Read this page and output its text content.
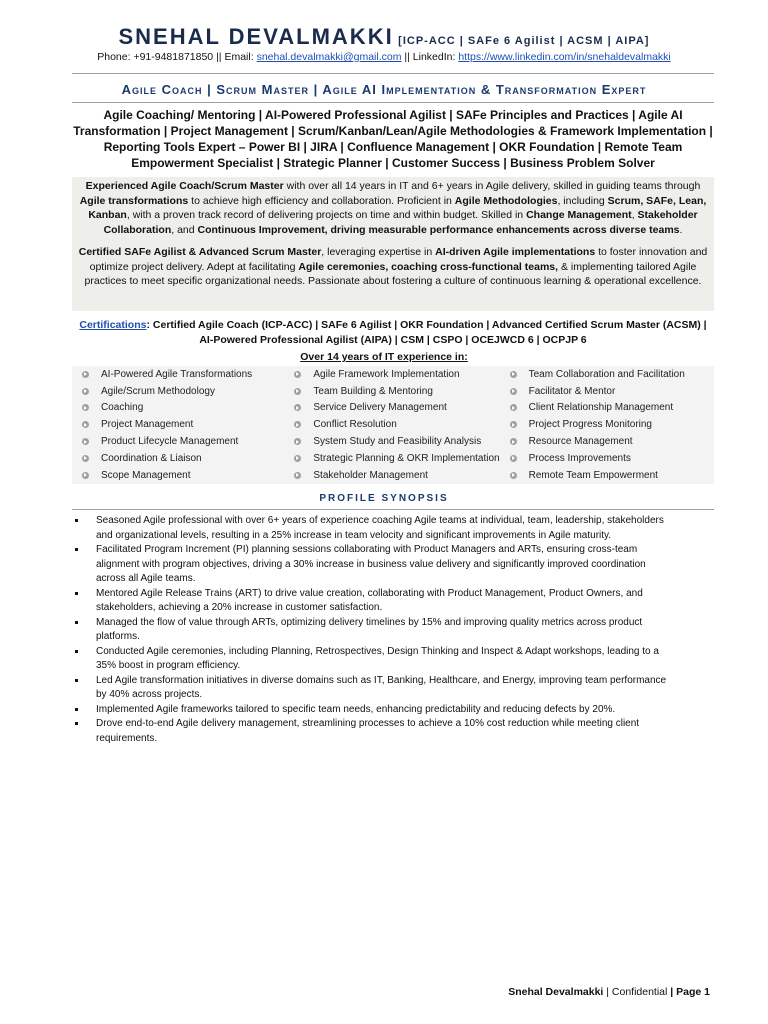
SNEHAL DEVALMAKKI [ICP-ACC | SAFe 6 Agilist | ACSM | AIPA]
Phone: +91-9481871850 || Email: snehal.devalmakki@gmail.com || LinkedIn: https://www.linkedin.com/in/snehaldevalmakki
Agile Coach | Scrum Master | Agile AI Implementation & Transformation Expert
Agile Coaching/ Mentoring | AI-Powered Professional Agilist | SAFe Principles and Practices | Agile AI Transformation | Project Management | Scrum/Kanban/Lean/Agile Methodologies & Framework Implementation | Reporting Tools Expert – Power BI | JIRA | Confluence Management | OKR Foundation | Remote Team Empowerment Specialist | Strategic Planner | Customer Success | Business Problem Solver

Experienced Agile Coach/Scrum Master with over all 14 years in IT and 6+ years in Agile delivery, skilled in guiding teams through Agile transformations to achieve high efficiency and collaboration. Proficient in Agile Methodologies, including Scrum, SAFe, Lean, Kanban, with a proven track record of delivering projects on time and within budget. Skilled in Change Management, Stakeholder Collaboration, and Continuous Improvement, driving measurable performance enhancements across diverse teams.

Certified SAFe Agilist & Advanced Scrum Master, leveraging expertise in AI-driven Agile implementations to foster innovation and optimize project delivery. Adept at facilitating Agile ceremonies, coaching cross-functional teams, & implementing tailored Agile practices to meet specific organizational needs. Passionate about fostering a culture of continuous learning & operational excellence.

Certifications: Certified Agile Coach (ICP-ACC) | SAFe 6 Agilist | OKR Foundation | Advanced Certified Scrum Master (ACSM) | AI-Powered Professional Agilist (AIPA) | CSM | CSPO | OCEJWCD 6 | OCPJP 6
Over 14 years of IT experience in:
AI-Powered Agile Transformations
Agile/Scrum Methodology
Coaching
Project Management
Product Lifecycle Management
Coordination & Liaison
Scope Management
Agile Framework Implementation
Team Building & Mentoring
Service Delivery Management
Conflict Resolution
System Study and Feasibility Analysis
Strategic Planning & OKR Implementation
Stakeholder Management
Team Collaboration and Facilitation
Facilitator & Mentor
Client Relationship Management
Project Progress Monitoring
Resource Management
Process Improvements
Remote Team Empowerment
PROFILE SYNOPSIS
Seasoned Agile professional with over 6+ years of experience coaching Agile teams at individual, team, leadership, stakeholders and organizational levels, resulting in a 25% increase in team velocity and significant improvements in Agile maturity.
Facilitated Program Increment (PI) planning sessions collaborating with Product Managers and ARTs, ensuring cross-team alignment with program objectives, driving a 30% increase in business value delivery and significantly improved coordination across all Agile teams.
Mentored Agile Release Trains (ART) to drive value creation, collaborating with Product Management, Product Owners, and stakeholders, achieving a 20% increase in customer satisfaction.
Managed the flow of value through ARTs, optimizing delivery timelines by 15% and improving quality metrics across product platforms.
Conducted Agile ceremonies, including Planning, Retrospectives, Design Thinking and Inspect & Adapt workshops, leading to a 35% boost in program efficiency.
Led Agile transformation initiatives in diverse domains such as IT, Banking, Healthcare, and Energy, improving team performance by 40% across projects.
Implemented Agile frameworks tailored to specific team needs, enhancing predictability and reducing defects by 20%.
Drove end-to-end Agile delivery management, streamlining processes to achieve a 10% cost reduction while meeting client requirements.
Snehal Devalmakki | Confidential | Page 1
